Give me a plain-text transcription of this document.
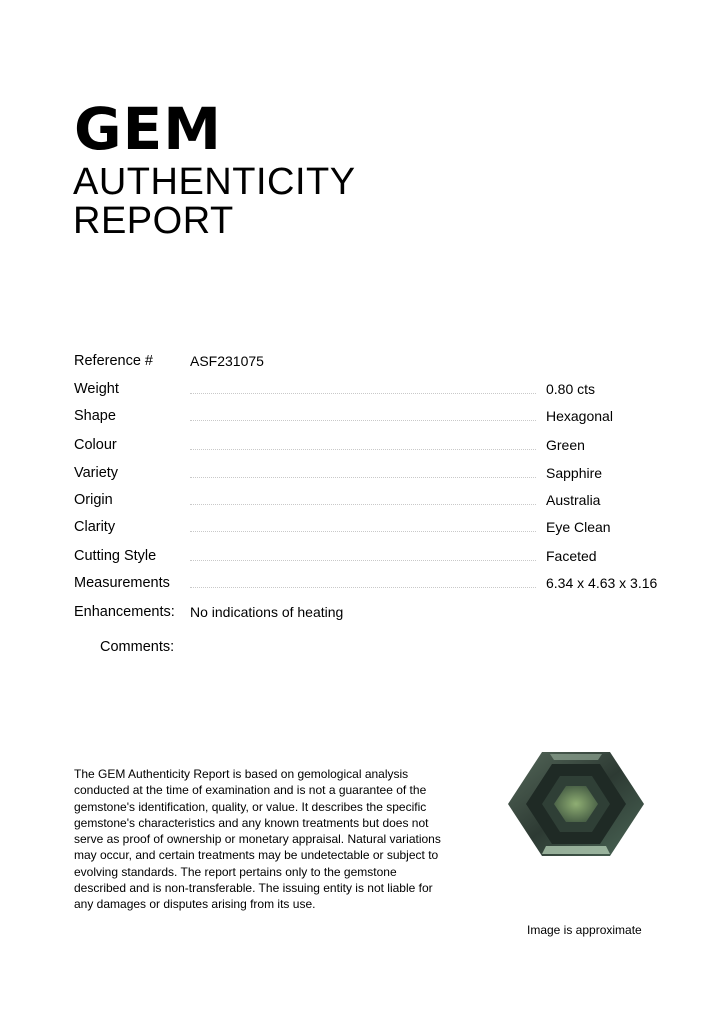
GEM
AUTHENTICITY
REPORT
Reference #	ASF231075
Weight	0.80 cts
Shape	Hexagonal
Colour	Green
Variety	Sapphire
Origin	Australia
Clarity	Eye Clean
Cutting Style	Faceted
Measurements	6.34 x 4.63 x 3.16
Enhancements: No indications of heating
Comments:

The GEM Authenticity Report is based on gemological analysis conducted at the time of examination and is not a guarantee of the gemstone's identification, quality, or value. It describes the specific gemstone's characteristics and any known treatments but does not serve as proof of ownership or monetary appraisal. Natural variations may occur, and certain treatments may be undetectable or subject to evolving standards. The report pertains only to the gemstone described and is non-transferable. The issuing entity is not liable for any damages or disputes arising from its use.

Image is approximate
